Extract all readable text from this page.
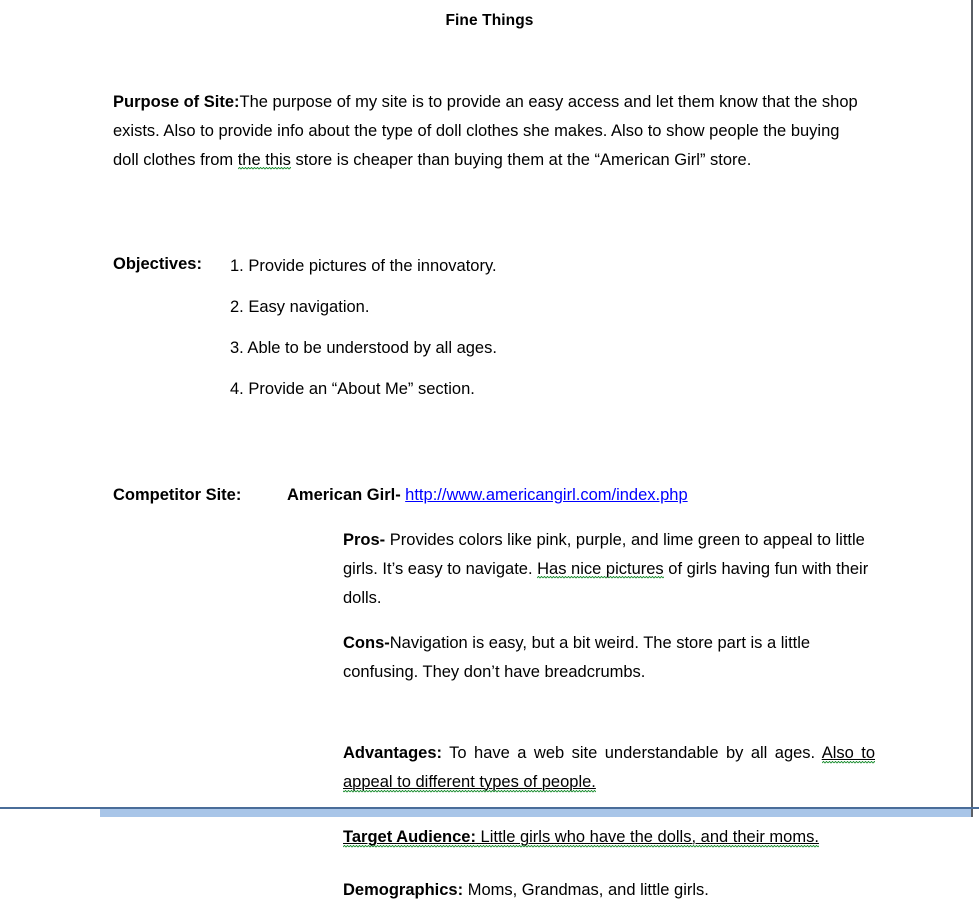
Fine Things

Purpose of Site:The purpose of my site is to provide an easy access and let them know that the shop exists. Also to provide info about the type of doll clothes she makes. Also to show people the buying doll clothes from the this store is cheaper than buying them at the “American Girl” store.

Objectives: 1. Provide pictures of the innovatory.
2. Easy navigation.
3. Able to be understood by all ages.
4. Provide an “About Me” section.
Competitor Site:	American Girl- http://www.americangirl.com/index.php

Pros- Provides colors like pink, purple, and lime green to appeal to little girls. It’s easy to navigate. Has nice pictures of girls having fun with their dolls.

Cons-Navigation is easy, but a bit weird. The store part is a little confusing. They don’t have breadcrumbs.

Advantages: To have a web site understandable by all ages. Also to appeal to different types of people.

Target Audience: Little girls who have the dolls, and their moms.

Demographics: Moms, Grandmas, and little girls.
